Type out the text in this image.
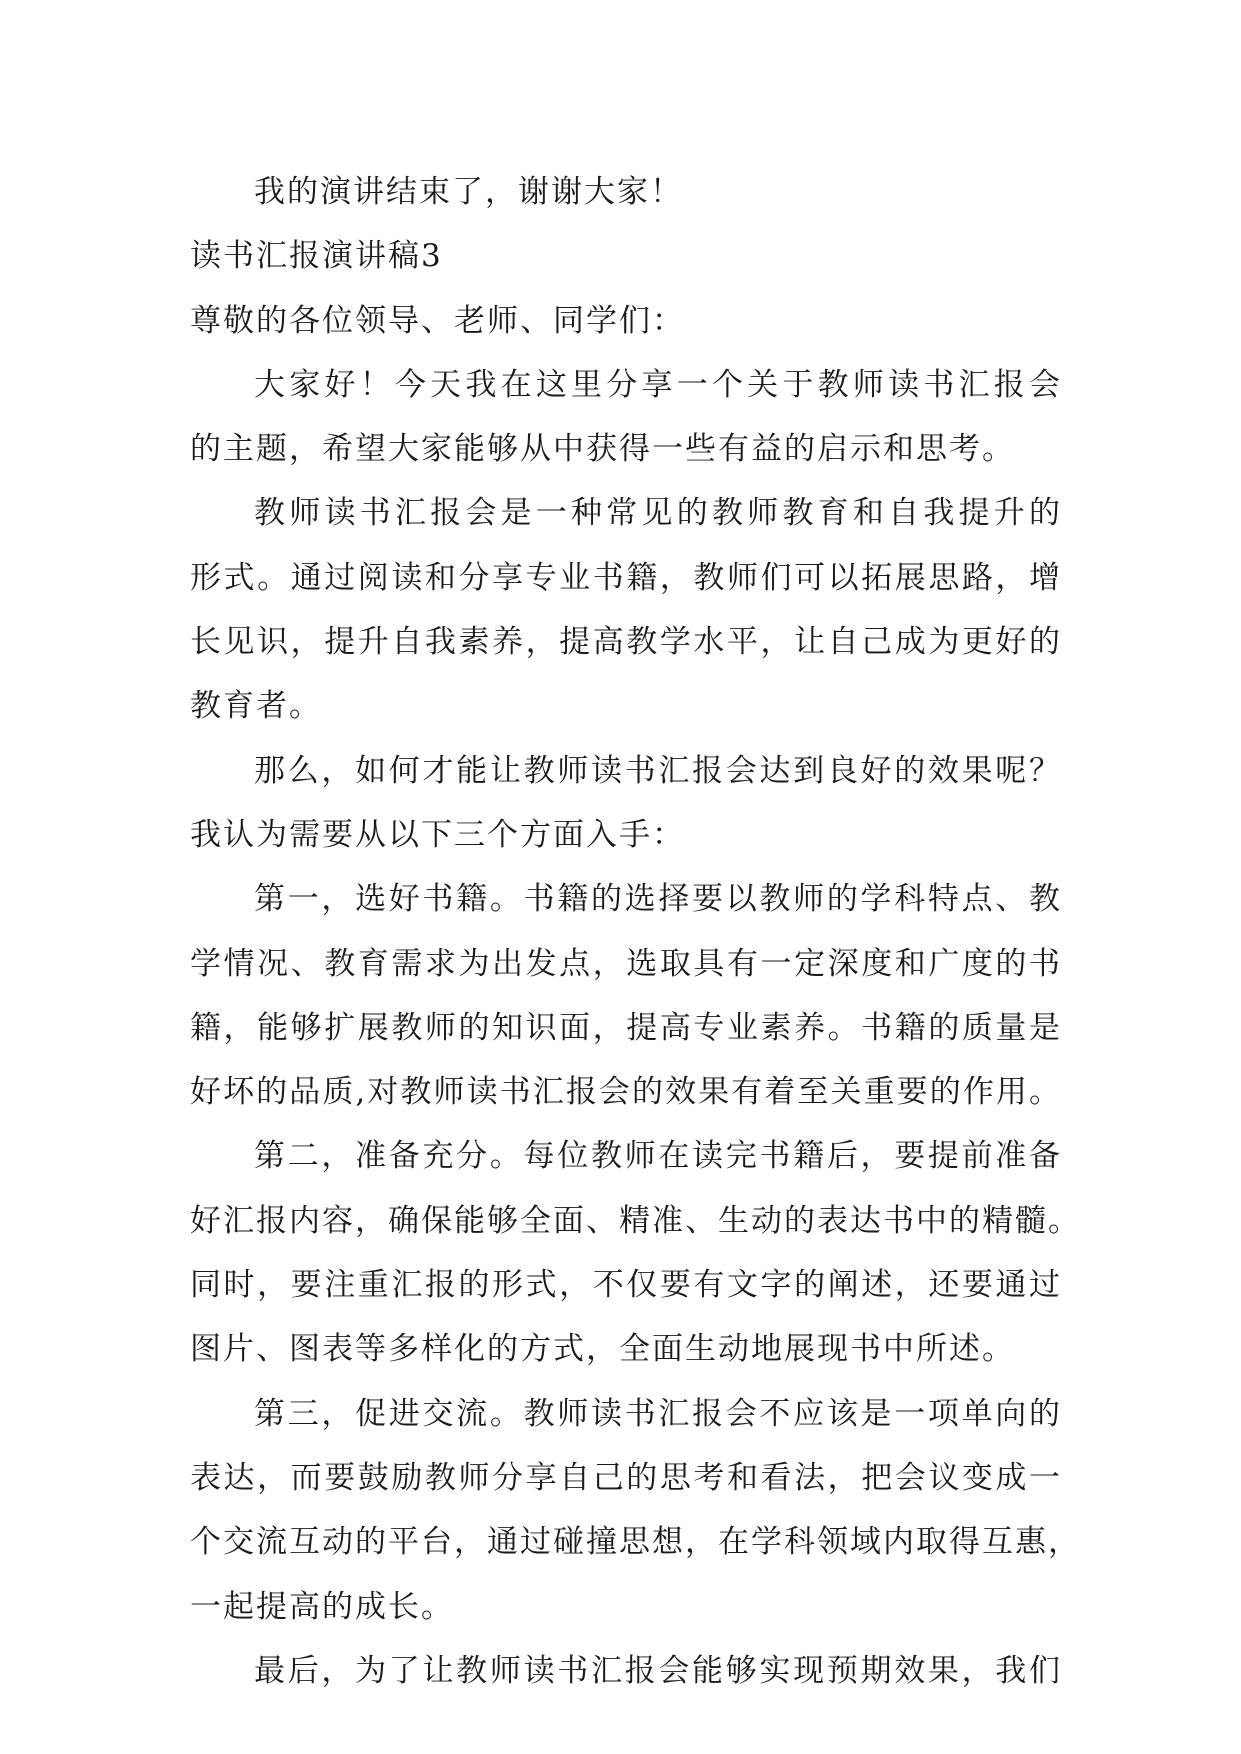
我的演讲结束了，谢谢大家！
读书汇报演讲稿3
尊敬的各位领导、老师、同学们：
大家好！今天我在这里分享一个关于教师读书汇报会
的主题，希望大家能够从中获得一些有益的启示和思考。
教师读书汇报会是一种常见的教师教育和自我提升的
形式。通过阅读和分享专业书籍，教师们可以拓展思路，增
长见识，提升自我素养，提高教学水平，让自己成为更好的
教育者。
那么，如何才能让教师读书汇报会达到良好的效果呢？
我认为需要从以下三个方面入手：
第一，选好书籍。书籍的选择要以教师的学科特点、教
学情况、教育需求为出发点，选取具有一定深度和广度的书
籍，能够扩展教师的知识面，提高专业素养。书籍的质量是
好坏的品质,对教师读书汇报会的效果有着至关重要的作用。
第二，准备充分。每位教师在读完书籍后，要提前准备
好汇报内容，确保能够全面、精准、生动的表达书中的精髓。
同时，要注重汇报的形式，不仅要有文字的阐述，还要通过
图片、图表等多样化的方式，全面生动地展现书中所述。
第三，促进交流。教师读书汇报会不应该是一项单向的
表达，而要鼓励教师分享自己的思考和看法，把会议变成一
个交流互动的平台，通过碰撞思想，在学科领域内取得互惠，
一起提高的成长。
最后，为了让教师读书汇报会能够实现预期效果，我们
